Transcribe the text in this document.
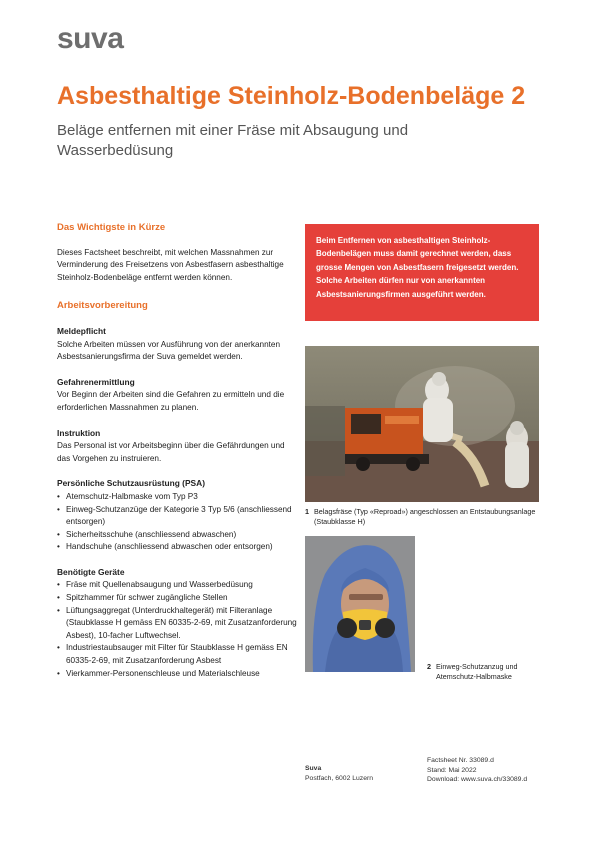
suva
Asbesthaltige Steinholz-Bodenbeläge 2
Beläge entfernen mit einer Fräse mit Absaugung und Wasserbedüsung
Das Wichtigste in Kürze

Dieses Factsheet beschreibt, mit welchen Massnahmen zur Verminderung des Freisetzens von Asbestfasern asbesthaltige Steinholz-Bodenbeläge entfernt werden können.

Arbeitsvorbereitung
Meldepflicht

Solche Arbeiten müssen vor Ausführung von der anerkannten Asbestsanierungsfirma der Suva gemeldet werden.

Gefahrenermittlung

Vor Beginn der Arbeiten sind die Gefahren zu ermitteln und die erforderlichen Massnahmen zu planen.

Instruktion

Das Personal ist vor Arbeitsbeginn über die Gefährdungen und das Vorgehen zu instruieren.

Persönliche Schutzausrüstung (PSA)
• Atemschutz-Halbmaske vom Typ P3
• Einweg-Schutzanzüge der Kategorie 3 Typ 5/6 (anschliessend entsorgen)
• Sicherheitsschuhe (anschliessend abwaschen)
• Handschuhe (anschliessend abwaschen oder entsorgen)
Benötigte Geräte
• Fräse mit Quellenabsaugung und Wasserbedüsung
• Spitzhammer für schwer zugängliche Stellen
• Lüftungsaggregat (Unterdruckhaltegerät) mit Filteranlage (Staubklasse H gemäss EN 60335-2-69, mit Zusatzanforderung Asbest), 10-facher Luftwechsel.
• Industriestaubsauger mit Filter für Staubklasse H gemäss EN 60335-2-69, mit Zusatzanforderung Asbest
• Vierkammer-Personenschleuse und Materialschleuse
Beim Entfernen von asbesthaltigen Steinholz-Bodenbelägen muss damit gerechnet werden, dass grosse Mengen von Asbestfasern freigesetzt werden. Solche Arbeiten dürfen nur von anerkannten Asbestsanierungsfirmen ausgeführt werden.
1 Belagsfräse (Typ «Reproad») angeschlossen an Entstaubungsanlage (Staubklasse H)
2 Einweg-Schutzanzug und Atemschutz-Halbmaske
Suva
Postfach, 6002 Luzern
Factsheet Nr. 33089.d
Stand: Mai 2022
Download: www.suva.ch/33089.d
